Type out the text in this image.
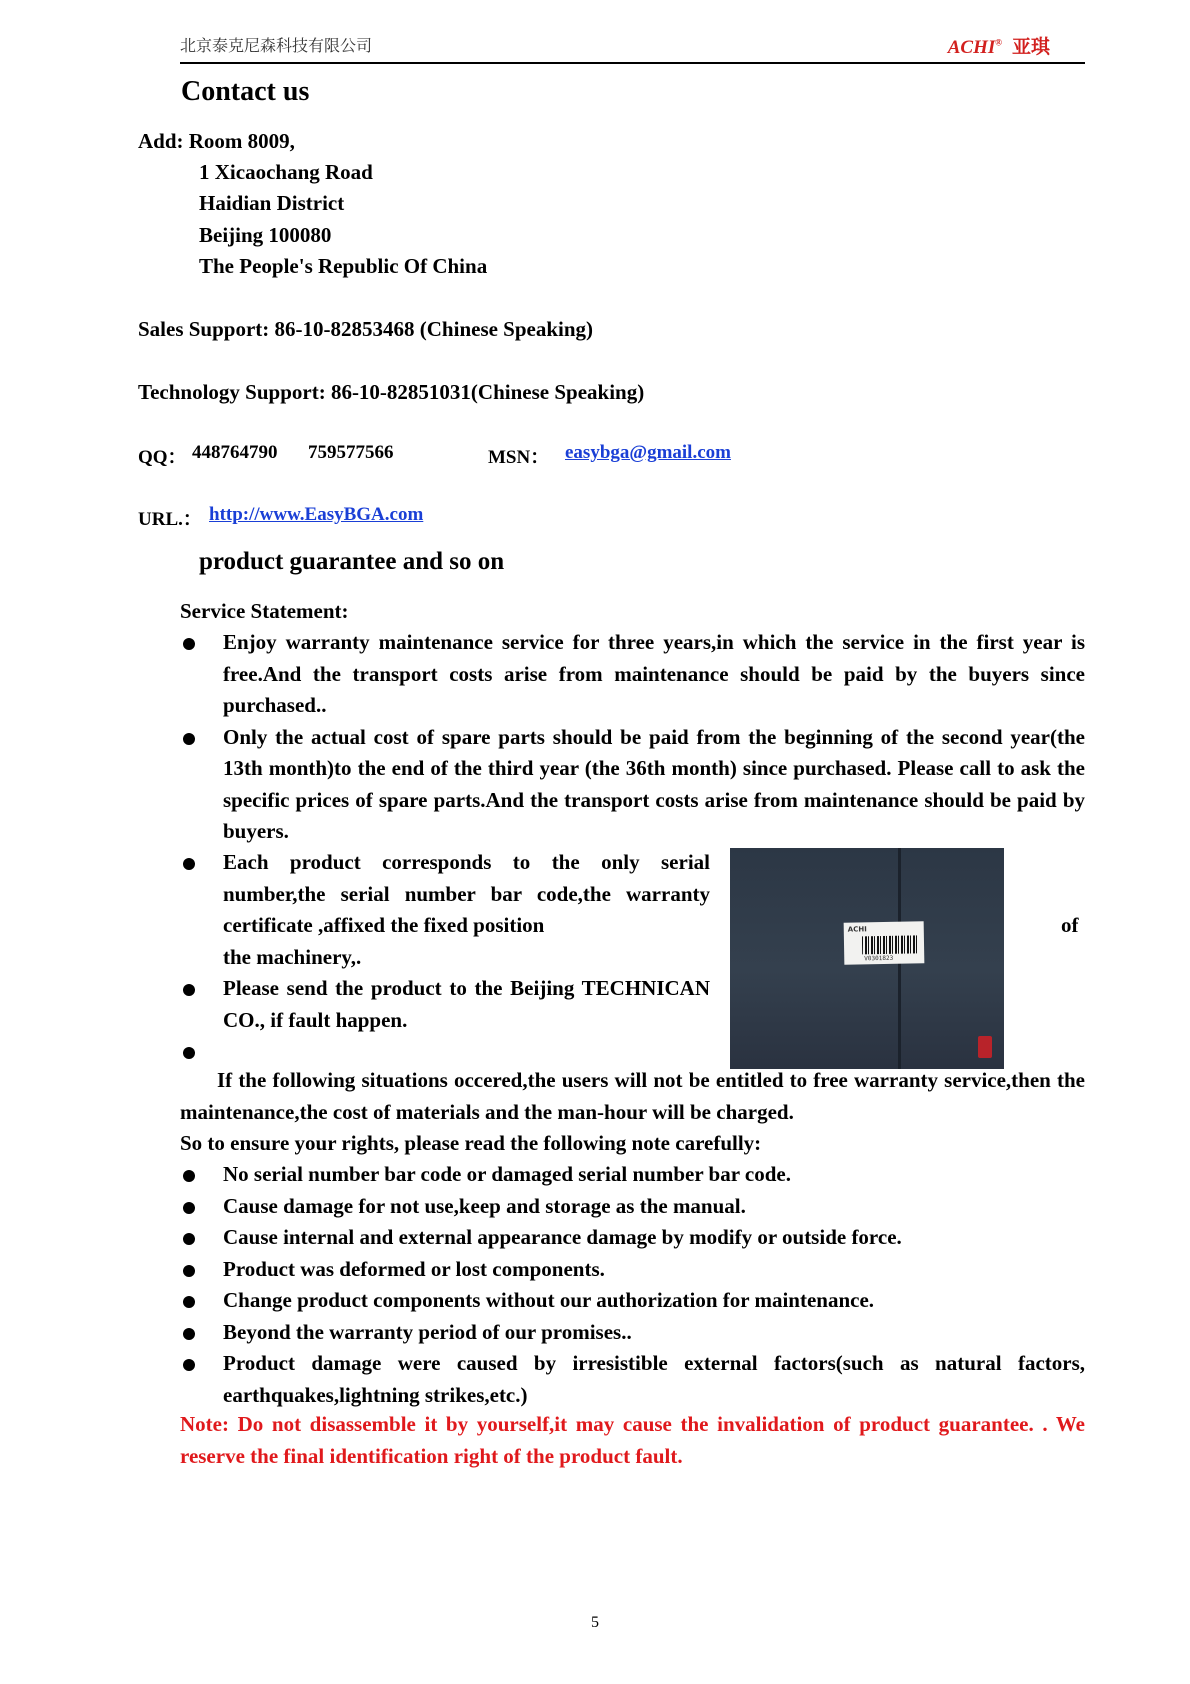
北京泰克尼森科技有限公司	ACHI® 亚琪
Contact us
Add: Room 8009,
1 Xicaochang Road
Haidian District
Beijing 100080
The People's Republic Of China
Sales Support: 86-10-82853468 (Chinese Speaking)
Technology Support: 86-10-82851031(Chinese Speaking)
QQ： 448764790 759577566	MSN： easybga@gmail.com
URL.： http://www.EasyBGA.com
product guarantee and so on
Service Statement:
Enjoy warranty maintenance service for three years,in which the service in the first year is free.And the transport costs arise from maintenance should be paid by the buyers since purchased..
Only the actual cost of spare parts should be paid from the beginning of the second year(the 13th month)to the end of the third year (the 36th month) since purchased. Please call to ask the specific prices of spare parts.And the transport costs arise from maintenance should be paid by buyers.
Each product corresponds to the only serial number,the serial number bar code,the warranty certificate ,affixed the fixed position
the machinery,.
Please send the product to the Beijing TECHNICAN CO., if fault happen.
of
ACHI
V0301823
If the following situations occered,the users will not be entitled to free warranty service,then the maintenance,the cost of materials and the man-hour will be charged.
So to ensure your rights, please read the following note carefully:
No serial number bar code or damaged serial number bar code.
Cause damage for not use,keep and storage as the manual.
Cause internal and external appearance damage by modify or outside force.
Product was deformed or lost components.
Change product components without our authorization for maintenance.
Beyond the warranty period of our promises..
Product damage were caused by irresistible external factors(such as natural factors, earthquakes,lightning strikes,etc.)
Note: Do not disassemble it by yourself,it may cause the invalidation of product guarantee. . We reserve the final identification right of the product fault.
5
